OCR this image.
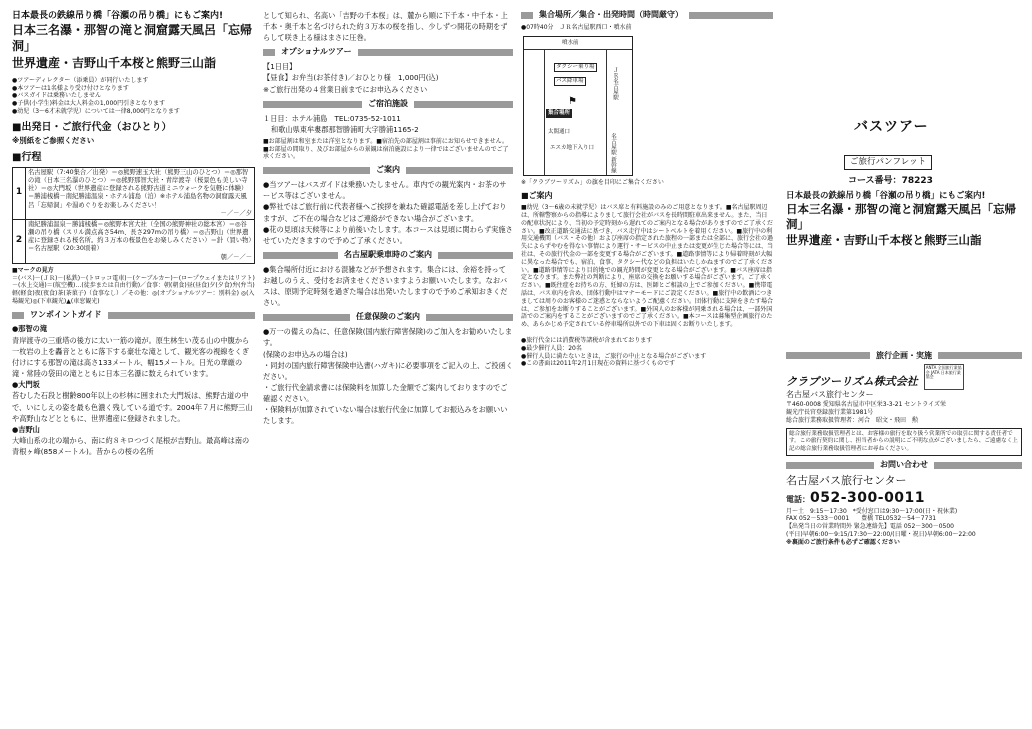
日本最長の鉄線吊り橋「谷瀬の吊り橋」にもご案内!
日本三名瀑・那智の滝と洞窟露天風呂「忘帰洞」
世界遺産・吉野山千本桜と熊野三山詣
●ツアーディレクター（添乗員）が同行いたします
●本ツアーは1名様より受け付けとなります
●バスガイドは乗務いたしません
●子供(小学生)料金は大人料金の1,000円引きとなります
●幼児（3～6才未就学児）については一律8,000円となります
■出発日・ご旅行代金（おひとり）
※別紙をご参照ください
■行程
1	名古屋駅（7:40集合／出発）＝◎熊野速玉大社（熊野三山のひとつ）＝◎那智の滝（日本三名瀑のひとつ）＝◎熊野那智大社・青岸渡寺（桜景色も美しい寺社）＝◎大門坂（世界遺産に登録される熊野古道ミニウォークを気軽に体験）＝勝浦桟橋－南紀勝浦温泉・ホテル浦島（泊）※ホテル浦島名物の洞窟露天風呂「忘帰洞」や湯めぐりをお楽しみください！
－／－／夕

2	南紀勝浦温泉－勝浦桟橋＝◎熊野本宮大社（全国の熊野神社の総本宮）＝◎谷瀬の吊り橋（スリル満点高さ54m、長さ297mの吊り橋）＝◎吉野山（世界遺産に登録される桜名所。約３万本の桜景色をお楽しみください）＝針（買い物）＝名古屋駅（20:30頃着）
朝／－／－
■マークの見方
＝(バス)－(ＪＲ)－(私鉄)－(トロッコ電車)－(ケーブルカー)～(ロープウェイまたはリフト)－(水上交通)＝(航空機)…(徒歩または自由行動)／食事：朝(朝食)昼(昼食)夕(夕食)弁(弁当)軽(軽食)夜(夜食)茶(茶菓子)（食事なし）／その他：◎(オプショナルツアー：別料金) ◎(入場観光)◎(下車観光)▲(車窓観光)
ワンポイントガイド
●那智の滝
青岸渡寺の三重塔の後方に太い一筋の滝が。原生林生い茂る山の中腹から一枚岩の上を轟音とともに落下する豪壮な滝として、観光客の視線をくぎ付けにする那智の滝は高さ133メートル、幅15メートル。日光の華厳の滝・常陸の袋田の滝とともに日本三名瀑に数えられています。
●大門坂
苔むした石段と樹齢800年以上の杉林に囲まれた大門坂は、熊野古道の中で、いにしえの姿を最も色濃く残している道です。2004年７月に熊野三山や高野山などとともに、世界遺産に登録されました。
●吉野山
大峰山系の北の端から、南に約８キロつづく尾根が吉野山。最高峰は南の青根ヶ峰(858メートル)。昔からの桜の名所
として知られ、名高い「吉野の千本桜」は、麓から順に下千本・中千本・上千本・奥千本と名づけられた約３万本の桜を指し、少しずつ開花の時期をずらして咲き上る様はまさに圧巻。
オプショナルツアー
【1日目】
【昼食】お弁当(お茶付き)／おひとり様　1,000円(込)
※ご旅行出発の４営業日前までにお申込みください
ご宿泊施設
１日目：ホテル浦島　TEL:0735-52-1011
和歌山県東牟婁郡那智勝浦町大字勝浦1165-2
■お部屋割は和室または洋室となります。■宿泊先の部屋割は事前にお知らせできません。■お部屋の間取り、及びお部屋からの景観は宿泊施設により一律ではございませんのでご了承ください。
ご案内
●当ツアーはバスガイドは乗務いたしません。車内での観光案内・お茶のサービス等はございません。
●弊社ではご旅行前に代表者様へご挨拶を兼ねた確認電話を差し上げておりますが、ご不在の場合などはご連絡ができない場合がございます。
●花の見頃は天候等により前後いたします。本コースは見頃に関わらず実施させていただきますので予めご了承ください。
名古屋駅乗車時のご案内
●集合場所付近における混雑などが予想されます。集合には、余裕を持ってお越しのうえ、受付をお済ませくださいますようお願いいたします。なおバスは、原則予定時刻を過ぎた場合は出発いたしますので予めご承知おきください。
任意保険のご案内
●万一の備えの為に、任意保険(国内旅行障害保険)のご加入をお勧めいたします。
(保険のお申込みの場合は)
・同封の国内旅行障害保険申込書(ハガキ)に必要事項をご記入の上、ご投函ください。
・ご旅行代金請求書には保険料を加算した金額でご案内しておりますのでご確認ください。
・保険料が加算されていない場合は旅行代金に加算してお振込みをお願いいたします。
集合場所／集合・出発時間（時間厳守）
●07時40分　ＪＲ名古屋駅西口・噴水前
噴水前
タクシー乗り場
バス降車場	ＪＲ名古屋駅
集合場所
⚑
太閤通口
エスカ地下入り口	名古屋駅 新幹線
※「クラブツーリズム」の旗を目印にご集合ください
■ご案内
■幼児（3～6歳の未就学児）はバス席と有料施設のみのご用意となります。■名古屋駅周辺は、所轄警察からの指導によりまして旅行会社がバスを長時間駐車出来ません。また、当日の配車状況により、当初の予定時刻から遅れてのご案内となる場合がありますのでご了承ください。■改正道路交通法に基づき、バス走行中はシートベルトを着用ください。■旅行中の利用交通機関（バス・その他）および座席の指定された旅程の一部または全部に、旅行会社の過失によらずやむを得ない事情により運行・サービスの中止または変更が生じた場合等には、当社は、その旅行代金の一部を変更する場合がございます。■道路事情等により帰着時刻が大幅に異なった場合でも、宿泊、食事、タクシー代などの負担はいたしかねますのでご了承ください。■道路事情等により目的地での観光時間が変更となる場合がございます。■バス座席は指定となります。また弊社の判断により、座席の交換をお願いする場合がございます。ご了承ください。■既往症をお持ちの方、妊婦の方は、医師とご相談の上でご参加ください。■携帯電話は、バス車内を含め、団体行動中はマナーモードにご設定ください。■旅行中の飲酒につきましては周りのお客様のご迷惑とならないようご配慮ください。団体行動に支障をきたす場合は、ご参加をお断りすることがございます。■外国人のお客様が同乗される場合は、一部外国語でのご案内をすることがございますのでご了承ください。■本コースは募集型企画旅行のため、あらかじめ予定されている停車場所以外での下車は固くお断りいたします。
●旅行代金には消費税等諸税が含まれております
●最少催行人員：20名
●催行人員に満たないときは、ご旅行の中止となる場合がございます
●この書面は2011年2月1日現在の資料に基づくものです
バスツアー
ご旅行パンフレット
コース番号：78223
日本最長の鉄線吊り橋「谷瀬の吊り橋」にもご案内!
日本三名瀑・那智の滝と洞窟露天風呂「忘帰洞」
世界遺産・吉野山千本桜と熊野三山詣
旅行企画・実施
クラブツーリズム株式会社
ANTA 全国旅行業協会 JATA 日本旅行業協会
名古屋バス旅行センター
〒460-0008 愛知県名古屋市中区栄3-3-21 セントライズ栄
観光庁長官登録旅行業第1981号
総合旅行業務取扱管理者：河合　昭文・飛田　勲
総合旅行業務取扱管理者とは、お客様の旅行を取り扱う営業所での取引に関する責任者です。この旅行契約に関し、担当者からの説明にご不明な点がございましたら、ご遠慮なく上記の総合旅行業務取扱管理者にお尋ねください。
お問い合わせ
名古屋バス旅行センター
電話：052-300-0011
月～土　9:15～17:30　*受付窓口は9:30～17:00(日・祝休業)
FAX 052－533－0001　　豊橋 TEL0532－54－7731
【出発当日の営業時間外 緊急連絡先】電話 052－300－0500
(平日)早朝6:00～9:15/17:30～22:00/(日曜・祝日)早朝6:00～22:00
※裏面のご旅行条件も必ずご確認ください
